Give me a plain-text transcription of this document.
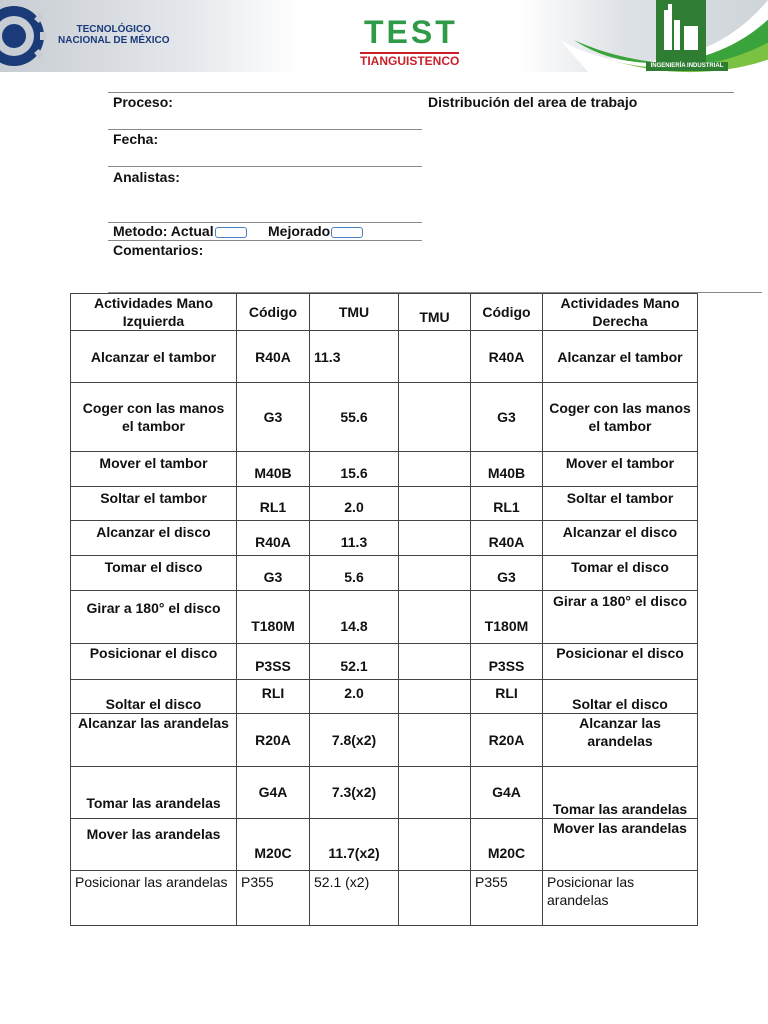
TECNOLÓGICO
NACIONAL DE MÉXICO	TEST
TIANGUISTENCO	INGENIERÍA INDUSTRIAL
Proceso:	Distribución del area de trabajo
Fecha:
Analistas:
Metodo: Actual	Mejorado
Comentarios:
Actividades Mano Izquierda	Código	TMU	TMU	Código	Actividades Mano Derecha
Alcanzar el tambor	R40A	11.3		R40A	Alcanzar el tambor
Coger con las manos el tambor	G3	55.6		G3	Coger con las manos el tambor
Mover el tambor	M40B	15.6		M40B	Mover el tambor
Soltar el tambor	RL1	2.0		RL1	Soltar el tambor
Alcanzar el disco	R40A	11.3		R40A	Alcanzar el disco
Tomar el disco	G3	5.6		G3	Tomar el disco
Girar a 180° el disco	T180M	14.8		T180M	Girar a 180° el disco
Posicionar el disco	P3SS	52.1		P3SS	Posicionar el disco
Soltar el disco	RLI	2.0		RLI	Soltar el disco
Alcanzar las arandelas	R20A	7.8(x2)		R20A	Alcanzar las arandelas
Tomar las arandelas	G4A	7.3(x2)		G4A	Tomar las arandelas
Mover las arandelas	M20C	11.7(x2)		M20C	Mover las arandelas
Posicionar las arandelas	P355	52.1 (x2)		P355	Posicionar las arandelas
